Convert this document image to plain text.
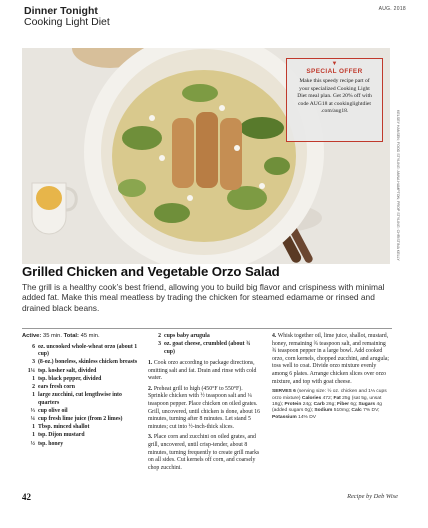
Dinner Tonight
Cooking Light Diet
AUG. 2018
KELSEY HANSEN; FOOD STYLING: ANNA HAMPTON; PROP STYLING: CHRISTINA KELLY
▼
SPECIAL OFFER
Make this speedy recipe part of your specialized Cooking Light Diet meal plan. Get 20% off with code AUG18 at cookinglightdiet .com/aug18.
Grilled Chicken and Vegetable Orzo Salad
The grill is a healthy cook’s best friend, allowing you to build big flavor and crispiness with minimal added fat. Make this meal meatless by trading the chicken for steamed edamame or rinsed and drained black beans.
Active: 35 min. Total: 45 min.
6 oz. uncooked whole-wheat orzo (about 1 cup)
3 (8-oz.) boneless, skinless chicken breasts
1¼ tsp. kosher salt, divided
1 tsp. black pepper, divided
2 ears fresh corn
1 large zucchini, cut lengthwise into quarters
⅓ cup olive oil
¼ cup fresh lime juice (from 2 limes)
1 Tbsp. minced shallot
1 tsp. Dijon mustard
½ tsp. honey
2 cups baby arugula
3 oz. goat cheese, crumbled (about ¾ cup)

1. Cook orzo according to package directions, omitting salt and fat. Drain and rinse with cold water.

2. Preheat grill to high (450°F to 550°F). Sprinkle chicken with ½ teaspoon salt and ¼ teaspoon pepper. Place chicken on oiled grates. Grill, uncovered, until chicken is done, about 16 minutes, turning after 8 minutes. Let stand 5 minutes; cut into ½-inch-thick slices.

3. Place corn and zucchini on oiled grates, and grill, uncovered, until crisp-tender, about 8 minutes, turning frequently to create grill marks on all sides. Cut kernels off corn, and coarsely chop zucchini.

4. Whisk together oil, lime juice, shallot, mustard, honey, remaining ¾ teaspoon salt, and remaining ¾ teaspoon pepper in a large bowl. Add cooked orzo, corn kernels, chopped zucchini, and arugula; toss well to coat. Divide orzo mixture evenly among 6 plates. Arrange chicken slices over orzo mixture, and top with goat cheese.

SERVES 6 (serving size: ½ oz. chicken and 1⅓ cups orzo mixture) Calories 472; Fat 25g (sat 5g, unsat 18g); Protein 24g; Carb 26g; Fiber 6g; Sugars 4g (added sugars 0g); Sodium 510mg; Calc 7% DV; Potassium 14% DV
42	Recipe by Deb Wise
